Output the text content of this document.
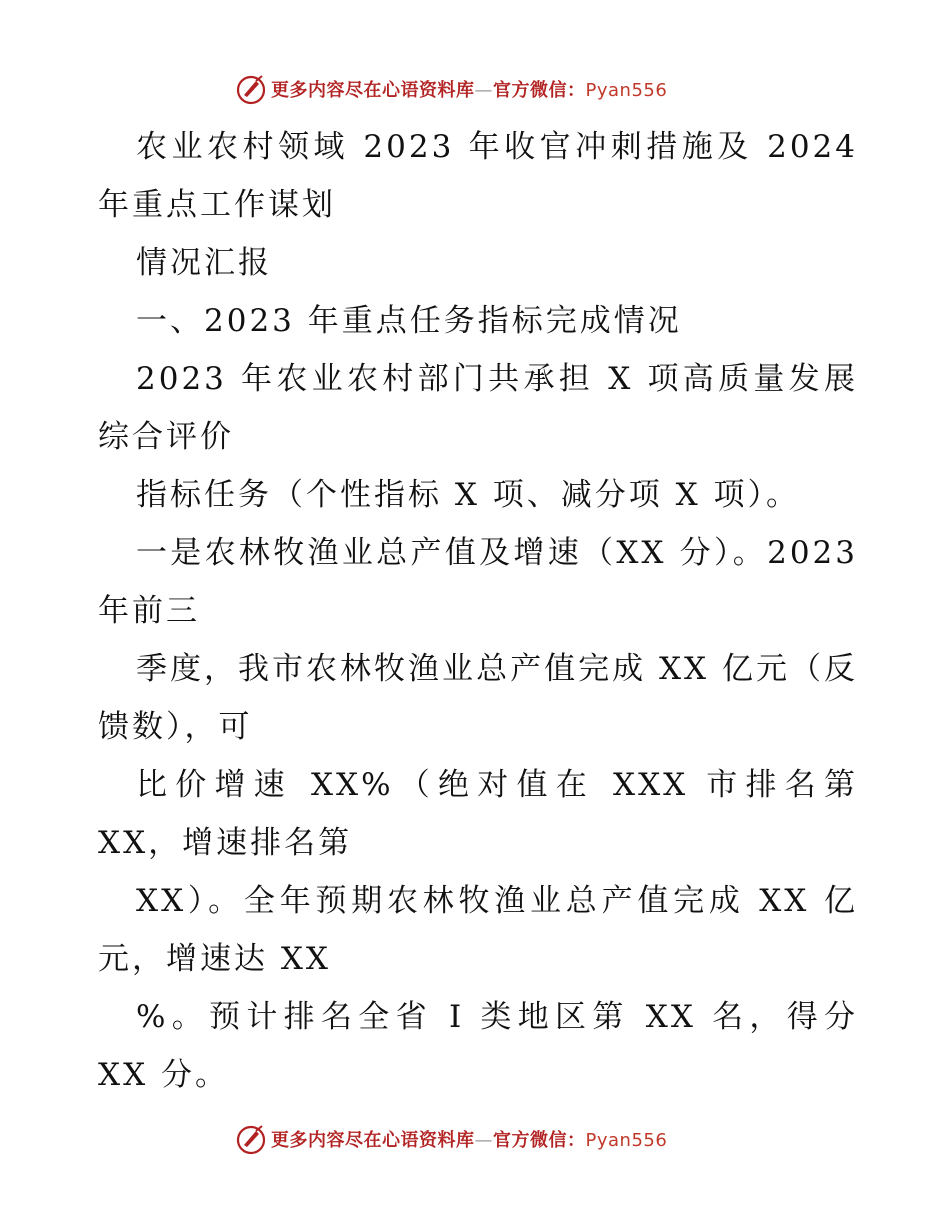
更多内容尽在心语资料库—官方微信：Pyan556

农业农村领域 2023 年收官冲刺措施及 2024 年重点工作谋划

情况汇报

一、2023 年重点任务指标完成情况

2023 年农业农村部门共承担 X 项高质量发展综合评价

指标任务（个性指标 X 项、减分项 X 项）。

一是农林牧渔业总产值及增速（XX 分）。2023 年前三

季度，我市农林牧渔业总产值完成 XX 亿元（反馈数），可

比价增速 XX%（绝对值在 XXX 市排名第 XX，增速排名第

XX）。全年预期农林牧渔业总产值完成 XX 亿元，增速达 XX

%。预计排名全省 I 类地区第 XX 名，得分 XX 分。

更多内容尽在心语资料库—官方微信：Pyan556
